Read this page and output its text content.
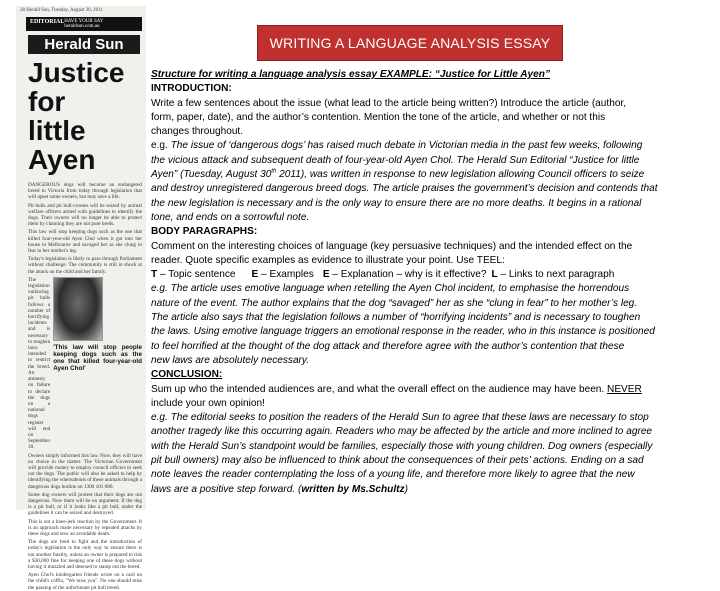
28 Herald Sun, Tuesday, August 30, 2011
EDITORIAL HAVE YOUR SAY heraldsun.com.au
Herald Sun
Justice for
little Ayen

DANGEROUS dogs will become an endangered breed in Victoria from today through legislation that will upset some owners, but may save a life.

Pit bulls and pit bull-crosses will be seized by animal welfare officers armed with guidelines to identify the dogs. Their owners will no longer be able to protect them by claiming they are not pure breds.

This law will stop keeping dogs such as the one that killed four-year-old Ayen Chol when it got into her house in Melbourne and savaged her as she clung in fear to her mother's leg.

Today's legislation is likely to pass through Parliament without challenge. The community is still in shock at the attack on the child and her family.

The legislation outlawing pit bulls follows a number of horrifying incidents and is necessary to toughen laws intended to restrict the breed. An amnesty on failure to declare the dogs on a national dogs register will end on September 30.
'This law will stop people keeping dogs such as the one that killed four-year-old Ayen Chol'

Owners simply informed this law. Now, they will have no choice in the matter. The Victorian Government will provide money to employ council officers to seek out the dogs. The public will also be asked to help by identifying the whereabouts of these animals through a dangerous dogs hotline on 1300 101 080.

Some dog owners will protest that their dogs are not dangerous. Now there will be no argument. If the dog is a pit bull, or if it looks like a pit bull, under the guidelines it can be seized and destroyed.

This is not a knee-jerk reaction by the Government. It is an approach made necessary by repeated attacks by these dogs and now an avoidable death.

The dogs are bred to fight and the introduction of today's legislation is the only way to ensure there is not another fatality, unless an owner is prepared to risk a $30,000 fine for keeping one of these dogs without having it muzzled and desexed to stamp out the breed.

Ayen Chol's kindergarten friends wrote on a card on the child's coffin, "We miss you". No one should miss the passing of the unfortunate pit bull breed.

WRITING A LANGUAGE ANALYSIS ESSAY
Structure for writing a language analysis essay EXAMPLE: “Justice for Little Ayen”
INTRODUCTION:
Write a few sentences about the issue (what lead to the article being written?) Introduce the article (author,
form, paper, date), and the author’s contention. Mention the tone of the article, and whether or not this
changes throughout.
e.g. The issue of ‘dangerous dogs’ has raised much debate in Victorian media in the past few weeks, following
the vicious attack and subsequent death of four-year-old Ayen Chol. The Herald Sun Editorial “Justice for little
Ayen” (Tuesday, August 30th 2011), was written in response to new legislation allowing Council officers to seize
and destroy unregistered dangerous breed dogs. The article praises the government’s decision and contends that
the new legislation is necessary and is the only way to ensure there are no more deaths. It begins in a rational
tone, and ends on a sorrowful note.
BODY PARAGRAPHS:
Comment on the interesting choices of language (key persuasive techniques) and the intended effect on the
reader. Quote specific examples as evidence to illustrate your point. Use TEEL:
T – Topic sentence E – Examples E – Explanation – why is it effective? L – Links to next paragraph
e.g. The article uses emotive language when retelling the Ayen Chol incident, to emphasise the horrendous
nature of the event. The author explains that the dog “savaged” her as she “clung in fear” to her mother’s leg.
The article also says that the legislation follows a number of “horrifying incidents” and is necessary to toughen
the laws. Using emotive language triggers an emotional response in the reader, who in this instance is positioned
to feel horrified at the thought of the dog attack and therefore agree with the author’s contention that these
new laws are absolutely necessary.
CONCLUSION:
Sum up who the intended audiences are, and what the overall effect on the audience may have been. NEVER
include your own opinion!
e.g. The editorial seeks to position the readers of the Herald Sun to agree that these laws are necessary to stop
another tragedy like this occurring again. Readers who may be affected by the article and more inclined to agree
with the Herald Sun’s standpoint would be families, especially those with young children. Dog owners (especially
pit bull owners) may also be influenced to think about the consequences of their pets’ actions. Ending on a sad
note leaves the reader contemplating the loss of a young life, and therefore more likely to agree that the new
laws are a positive step forward. (written by Ms.Schultz)
